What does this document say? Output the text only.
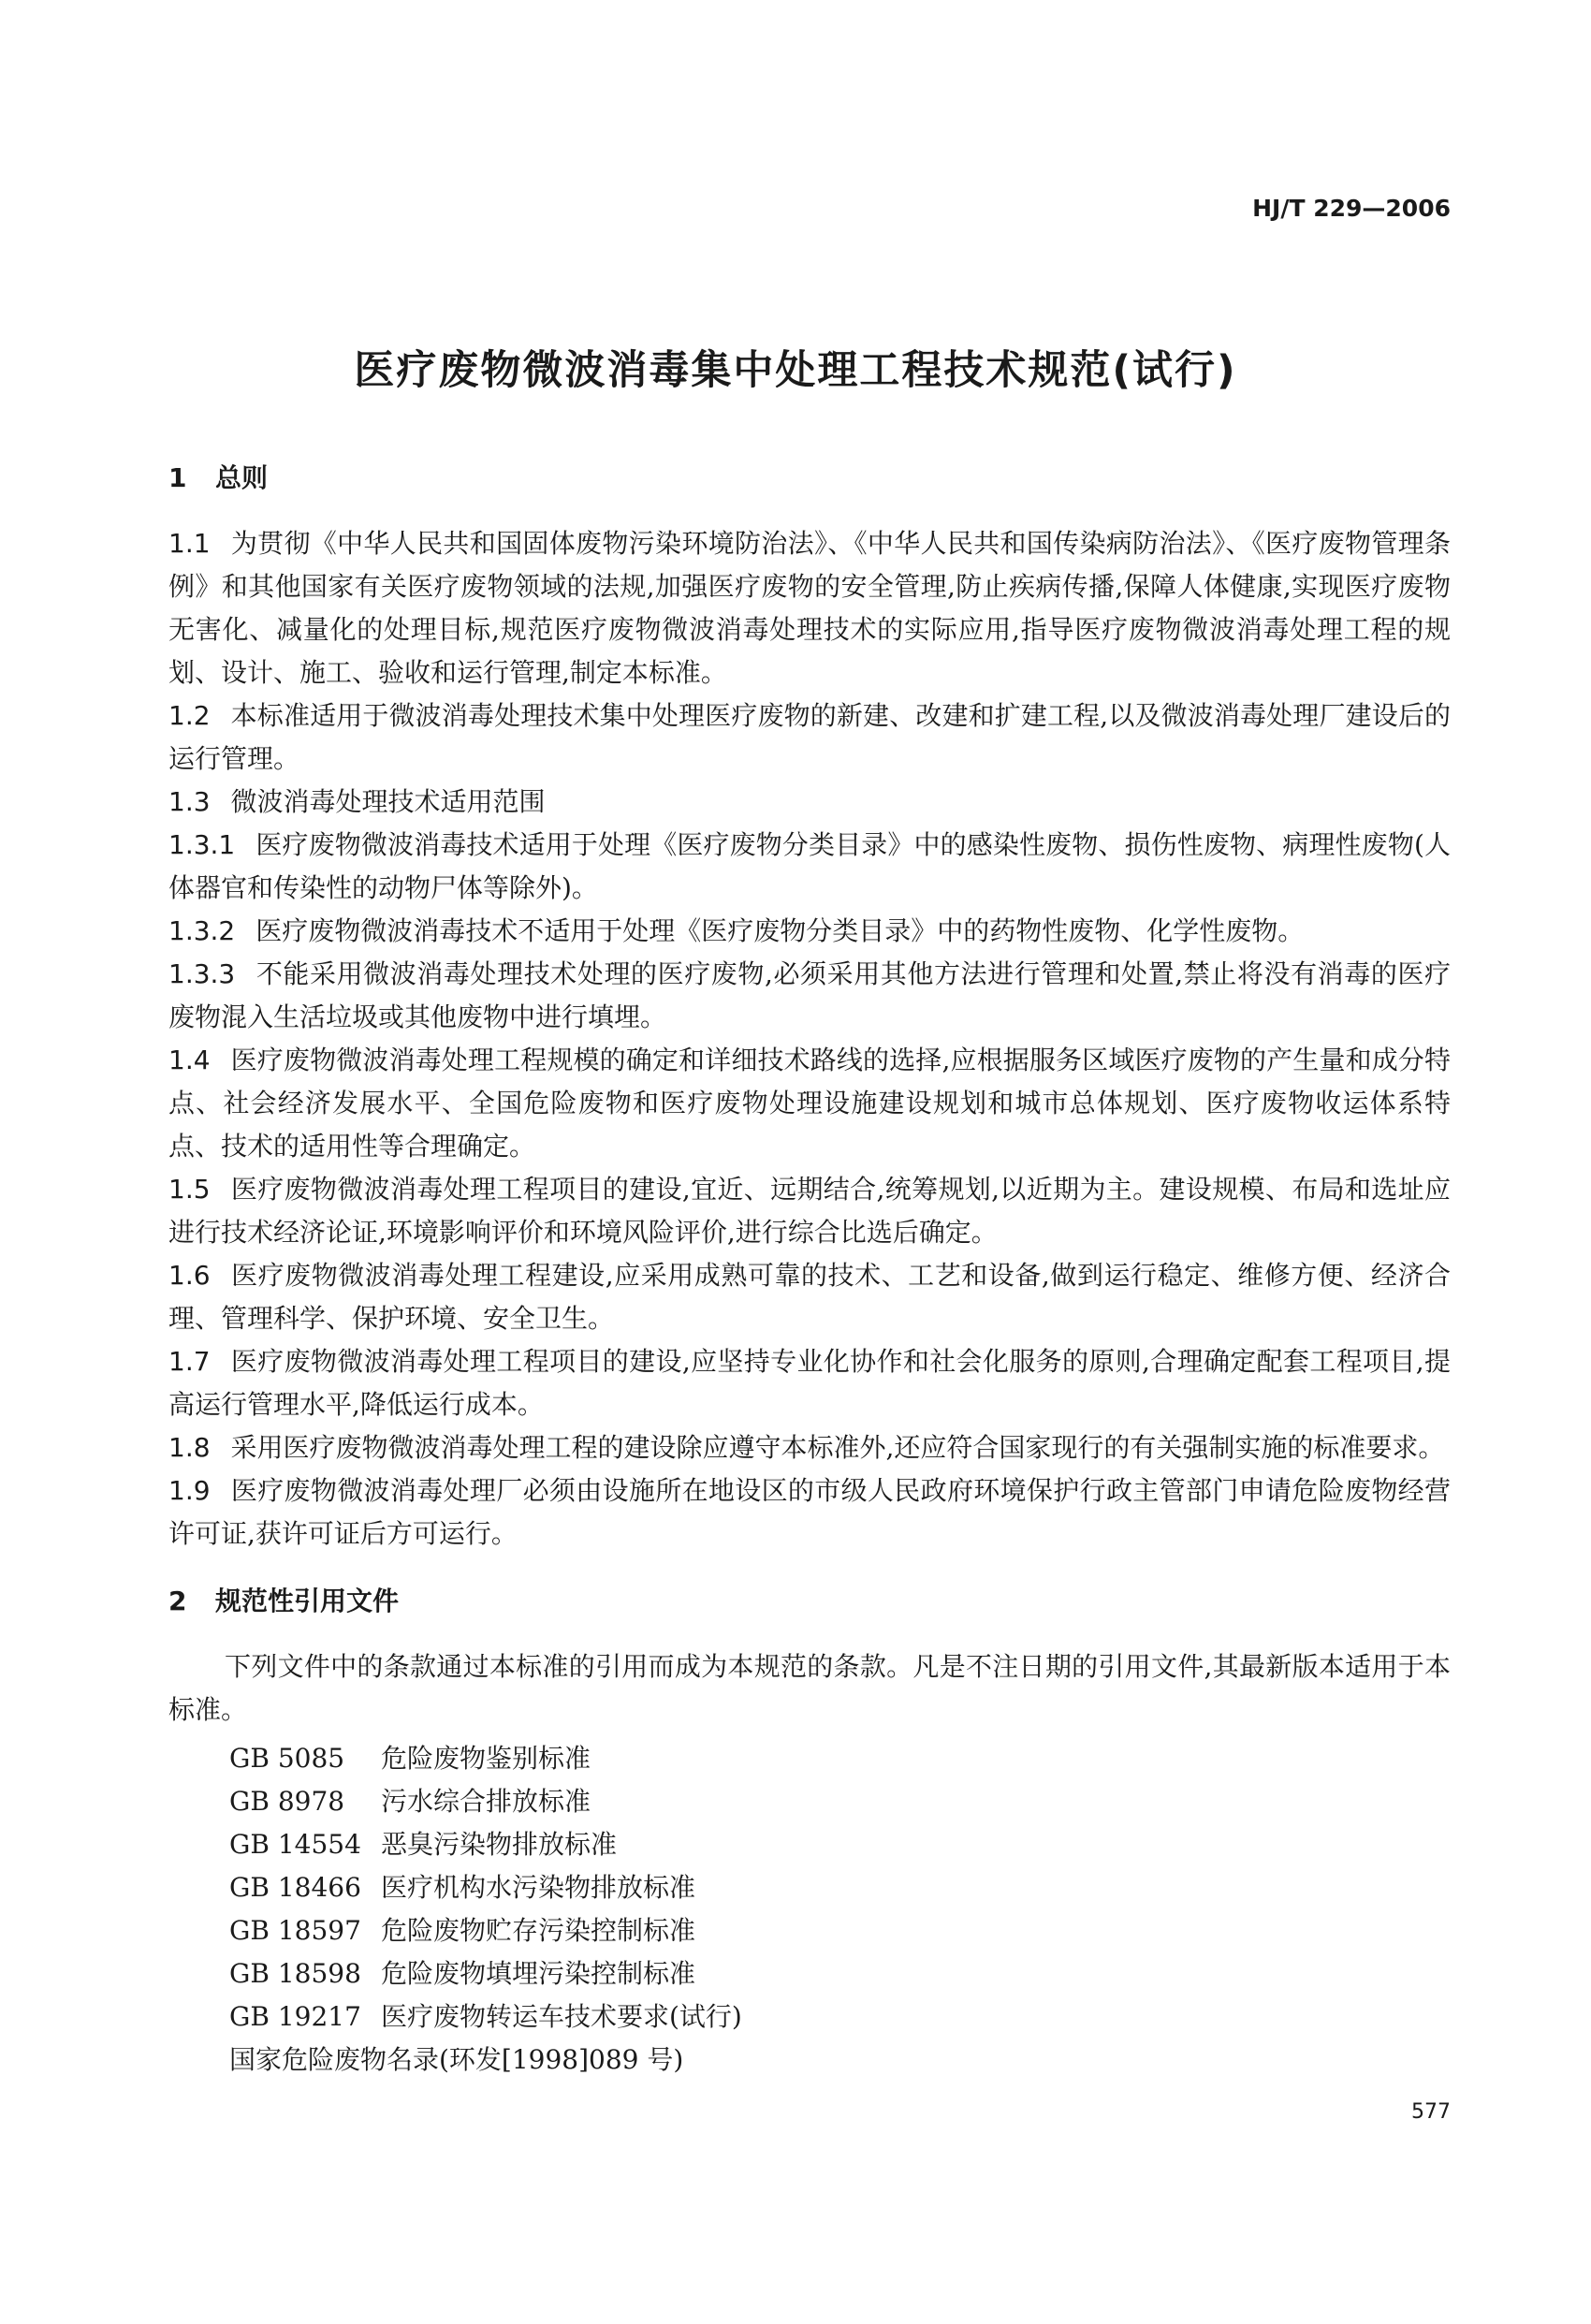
HJ/T 229—2006
医疗废物微波消毒集中处理工程技术规范(试行)
1 总则

1.1 为贯彻《中华人民共和国固体废物污染环境防治法》、《中华人民共和国传染病防治法》、《医疗废物管理条例》和其他国家有关医疗废物领域的法规,加强医疗废物的安全管理,防止疾病传播,保障人体健康,实现医疗废物无害化、减量化的处理目标,规范医疗废物微波消毒处理技术的实际应用,指导医疗废物微波消毒处理工程的规划、设计、施工、验收和运行管理,制定本标准。

1.2 本标准适用于微波消毒处理技术集中处理医疗废物的新建、改建和扩建工程,以及微波消毒处理厂建设后的运行管理。

1.3 微波消毒处理技术适用范围

1.3.1 医疗废物微波消毒技术适用于处理《医疗废物分类目录》中的感染性废物、损伤性废物、病理性废物(人体器官和传染性的动物尸体等除外)。

1.3.2 医疗废物微波消毒技术不适用于处理《医疗废物分类目录》中的药物性废物、化学性废物。

1.3.3 不能采用微波消毒处理技术处理的医疗废物,必须采用其他方法进行管理和处置,禁止将没有消毒的医疗废物混入生活垃圾或其他废物中进行填埋。

1.4 医疗废物微波消毒处理工程规模的确定和详细技术路线的选择,应根据服务区域医疗废物的产生量和成分特点、社会经济发展水平、全国危险废物和医疗废物处理设施建设规划和城市总体规划、医疗废物收运体系特点、技术的适用性等合理确定。

1.5 医疗废物微波消毒处理工程项目的建设,宜近、远期结合,统筹规划,以近期为主。建设规模、布局和选址应进行技术经济论证,环境影响评价和环境风险评价,进行综合比选后确定。

1.6 医疗废物微波消毒处理工程建设,应采用成熟可靠的技术、工艺和设备,做到运行稳定、维修方便、经济合理、管理科学、保护环境、安全卫生。

1.7 医疗废物微波消毒处理工程项目的建设,应坚持专业化协作和社会化服务的原则,合理确定配套工程项目,提高运行管理水平,降低运行成本。

1.8 采用医疗废物微波消毒处理工程的建设除应遵守本标准外,还应符合国家现行的有关强制实施的标准要求。

1.9 医疗废物微波消毒处理厂必须由设施所在地设区的市级人民政府环境保护行政主管部门申请危险废物经营许可证,获许可证后方可运行。

2 规范性引用文件

下列文件中的条款通过本标准的引用而成为本规范的条款。凡是不注日期的引用文件,其最新版本适用于本标准。

GB 5085 危险废物鉴别标准
GB 8978 污水综合排放标准
GB 14554 恶臭污染物排放标准
GB 18466 医疗机构水污染物排放标准
GB 18597 危险废物贮存污染控制标准
GB 18598 危险废物填埋污染控制标准
GB 19217 医疗废物转运车技术要求(试行)
国家危险废物名录(环发[1998]089 号)
577
